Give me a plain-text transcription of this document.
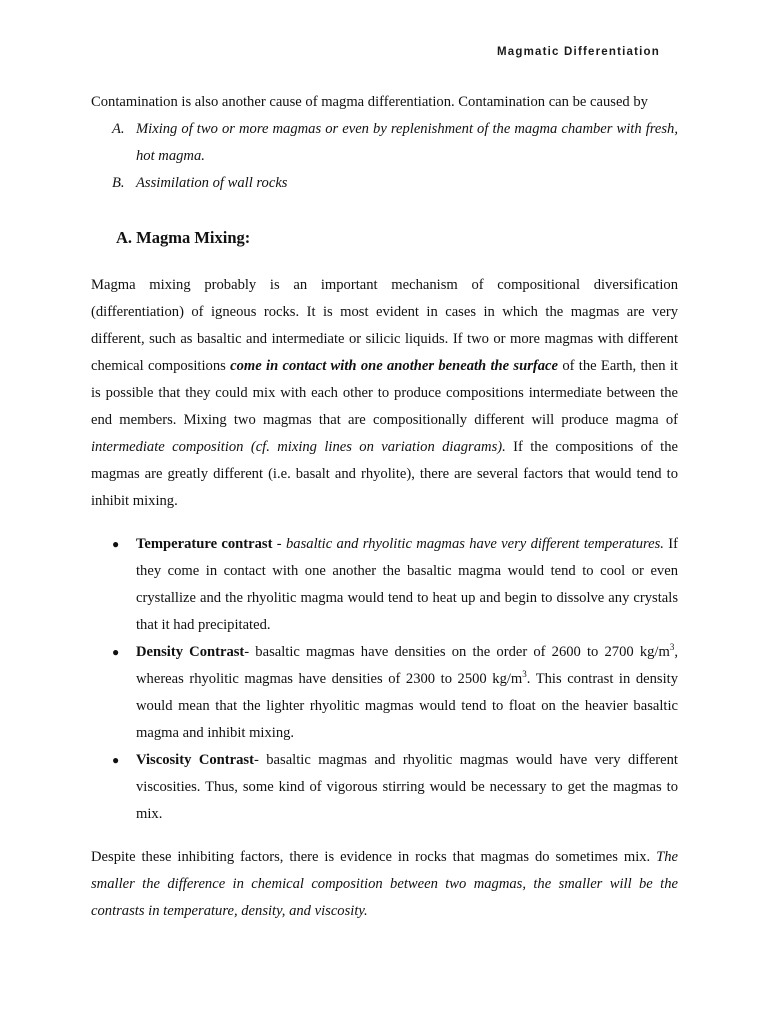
Magmatic Differentiation

Contamination is also another cause of magma differentiation. Contamination can be caused by

A. Mixing of two or more magmas or even by replenishment of the magma chamber with fresh, hot magma.
B. Assimilation of wall rocks
A. Magma Mixing:

Magma mixing probably is an important mechanism of compositional diversification (differentiation) of igneous rocks. It is most evident in cases in which the magmas are very different, such as basaltic and intermediate or silicic liquids. If two or more magmas with different chemical compositions come in contact with one another beneath the surface of the Earth, then it is possible that they could mix with each other to produce compositions intermediate between the end members. Mixing two magmas that are compositionally different will produce magma of intermediate composition (cf. mixing lines on variation diagrams). If the compositions of the magmas are greatly different (i.e. basalt and rhyolite), there are several factors that would tend to inhibit mixing.

● Temperature contrast - basaltic and rhyolitic magmas have very different temperatures. If they come in contact with one another the basaltic magma would tend to cool or even crystallize and the rhyolitic magma would tend to heat up and begin to dissolve any crystals that it had precipitated.
● Density Contrast- basaltic magmas have densities on the order of 2600 to 2700 $kg/m^3$, whereas rhyolitic magmas have densities of 2300 to 2500 $kg/m^3$. This contrast in density would mean that the lighter rhyolitic magmas would tend to float on the heavier basaltic magma and inhibit mixing.
● Viscosity Contrast- basaltic magmas and rhyolitic magmas would have very different viscosities. Thus, some kind of vigorous stirring would be necessary to get the magmas to mix.

Despite these inhibiting factors, there is evidence in rocks that magmas do sometimes mix. The smaller the difference in chemical composition between two magmas, the smaller will be the contrasts in temperature, density, and viscosity.
